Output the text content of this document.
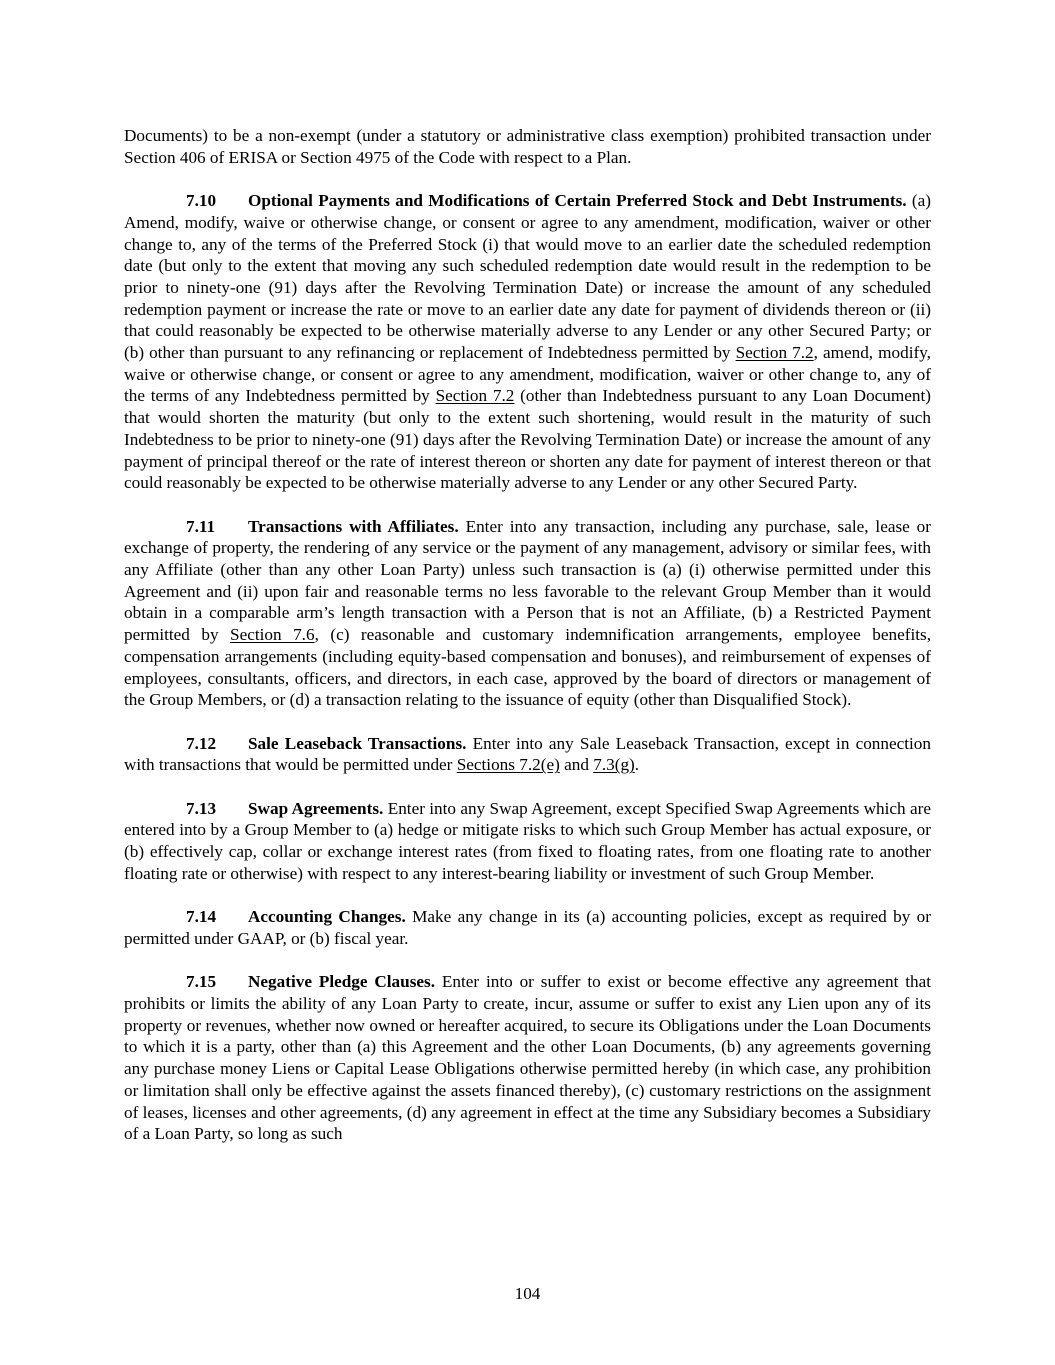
Documents) to be a non-exempt (under a statutory or administrative class exemption) prohibited transaction under Section 406 of ERISA or Section 4975 of the Code with respect to a Plan.

7.10 Optional Payments and Modifications of Certain Preferred Stock and Debt Instruments. (a) Amend, modify, waive or otherwise change, or consent or agree to any amendment, modification, waiver or other change to, any of the terms of the Preferred Stock (i) that would move to an earlier date the scheduled redemption date (but only to the extent that moving any such scheduled redemption date would result in the redemption to be prior to ninety-one (91) days after the Revolving Termination Date) or increase the amount of any scheduled redemption payment or increase the rate or move to an earlier date any date for payment of dividends thereon or (ii) that could reasonably be expected to be otherwise materially adverse to any Lender or any other Secured Party; or (b) other than pursuant to any refinancing or replacement of Indebtedness permitted by Section 7.2, amend, modify, waive or otherwise change, or consent or agree to any amendment, modification, waiver or other change to, any of the terms of any Indebtedness permitted by Section 7.2 (other than Indebtedness pursuant to any Loan Document) that would shorten the maturity (but only to the extent such shortening, would result in the maturity of such Indebtedness to be prior to ninety-one (91) days after the Revolving Termination Date) or increase the amount of any payment of principal thereof or the rate of interest thereon or shorten any date for payment of interest thereon or that could reasonably be expected to be otherwise materially adverse to any Lender or any other Secured Party.

7.11 Transactions with Affiliates. Enter into any transaction, including any purchase, sale, lease or exchange of property, the rendering of any service or the payment of any management, advisory or similar fees, with any Affiliate (other than any other Loan Party) unless such transaction is (a) (i) otherwise permitted under this Agreement and (ii) upon fair and reasonable terms no less favorable to the relevant Group Member than it would obtain in a comparable arm’s length transaction with a Person that is not an Affiliate, (b) a Restricted Payment permitted by Section 7.6, (c) reasonable and customary indemnification arrangements, employee benefits, compensation arrangements (including equity-based compensation and bonuses), and reimbursement of expenses of employees, consultants, officers, and directors, in each case, approved by the board of directors or management of the Group Members, or (d) a transaction relating to the issuance of equity (other than Disqualified Stock).

7.12 Sale Leaseback Transactions. Enter into any Sale Leaseback Transaction, except in connection with transactions that would be permitted under Sections 7.2(e) and 7.3(g).

7.13 Swap Agreements. Enter into any Swap Agreement, except Specified Swap Agreements which are entered into by a Group Member to (a) hedge or mitigate risks to which such Group Member has actual exposure, or (b) effectively cap, collar or exchange interest rates (from fixed to floating rates, from one floating rate to another floating rate or otherwise) with respect to any interest-bearing liability or investment of such Group Member.

7.14 Accounting Changes. Make any change in its (a) accounting policies, except as required by or permitted under GAAP, or (b) fiscal year.

7.15 Negative Pledge Clauses. Enter into or suffer to exist or become effective any agreement that prohibits or limits the ability of any Loan Party to create, incur, assume or suffer to exist any Lien upon any of its property or revenues, whether now owned or hereafter acquired, to secure its Obligations under the Loan Documents to which it is a party, other than (a) this Agreement and the other Loan Documents, (b) any agreements governing any purchase money Liens or Capital Lease Obligations otherwise permitted hereby (in which case, any prohibition or limitation shall only be effective against the assets financed thereby), (c) customary restrictions on the assignment of leases, licenses and other agreements, (d) any agreement in effect at the time any Subsidiary becomes a Subsidiary of a Loan Party, so long as such

104
